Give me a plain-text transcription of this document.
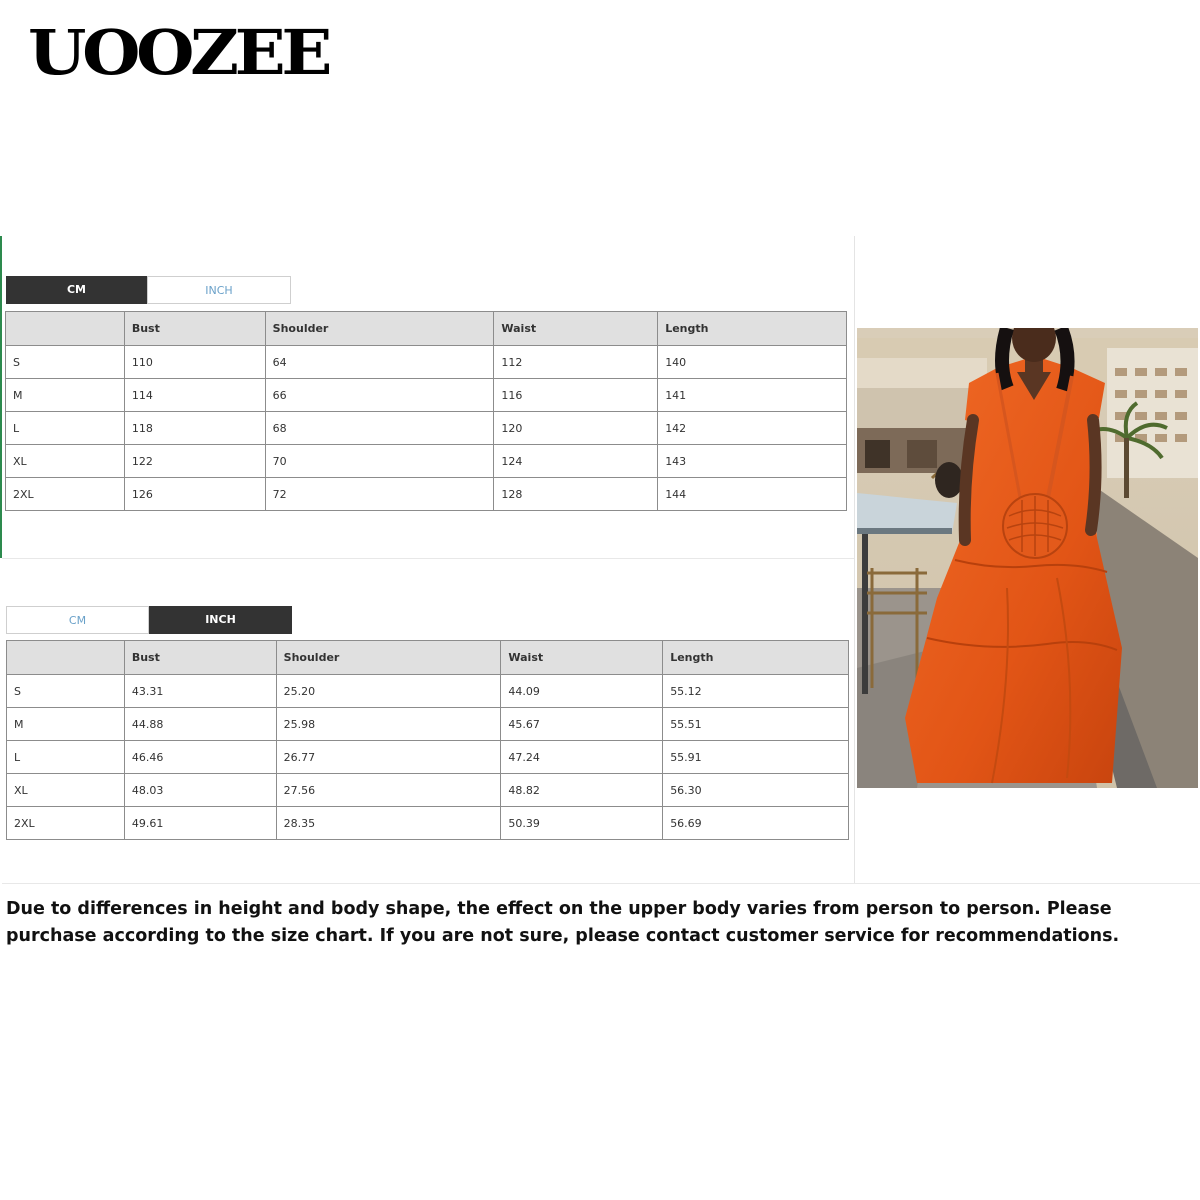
UOOZEE
CM	INCH
	Bust	Shoulder	Waist	Length
S	110	64	112	140
M	114	66	116	141
L	118	68	120	142
XL	122	70	124	143
2XL	126	72	128	144
CM	INCH
	Bust	Shoulder	Waist	Length
S	43.31	25.20	44.09	55.12
M	44.88	25.98	45.67	55.51
L	46.46	26.77	47.24	55.91
XL	48.03	27.56	48.82	56.30
2XL	49.61	28.35	50.39	56.69
Due to differences in height and body shape, the effect on the upper body varies from person to person. Please purchase according to the size chart. If you are not sure, please contact customer service for recommendations.
